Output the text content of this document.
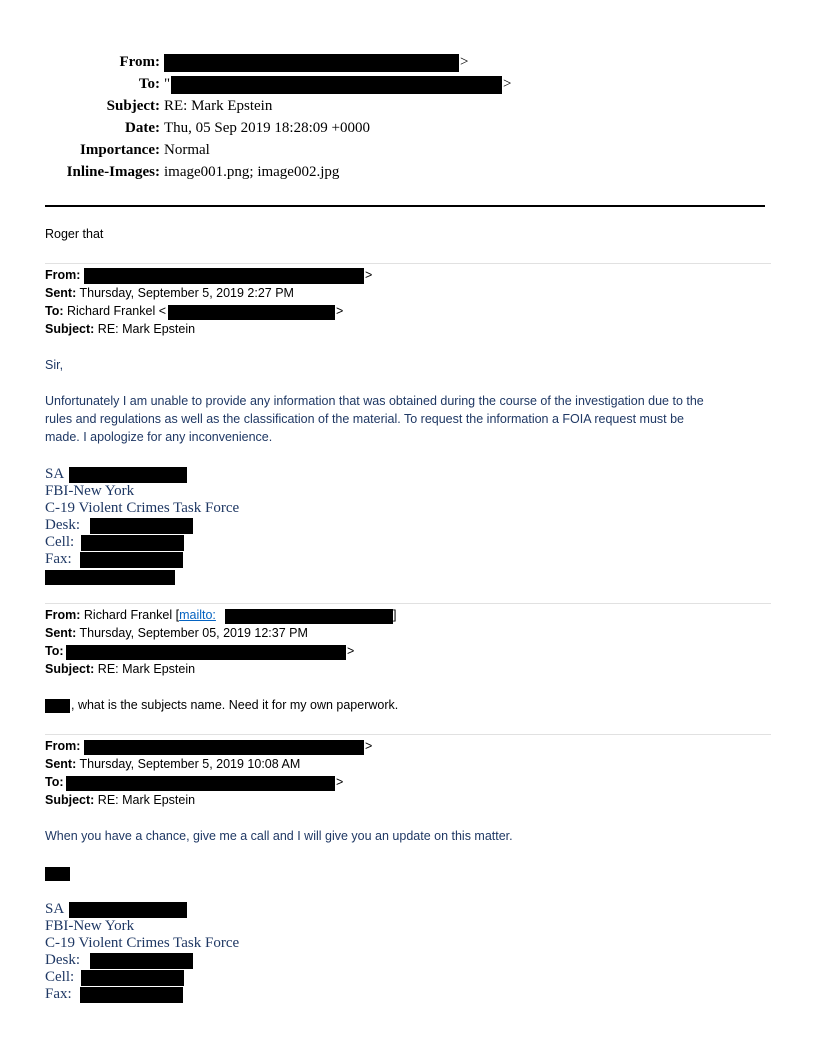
From:	>
To: "	>
Subject: RE: Mark Epstein
Date: Thu, 05 Sep 2019 18:28:09 +0000
Importance: Normal
Inline-Images: image001.png; image002.jpg
Roger that
From:	>
Sent: Thursday, September 5, 2019 2:27 PM
To: Richard Frankel <	>
Subject: RE: Mark Epstein
Sir,
Unfortunately I am unable to provide any information that was obtained during the course of the investigation due to the
rules and regulations as well as the classification of the material. To request the information a FOIA request must be
made. I apologize for any inconvenience.
SA
FBI-New York
C-19 Violent Crimes Task Force
Desk:
Cell:
Fax:
From: Richard Frankel [mailto:	]
Sent: Thursday, September 05, 2019 12:37 PM
To:	>
Subject: RE: Mark Epstein
, what is the subjects name. Need it for my own paperwork.
From:	>
Sent: Thursday, September 5, 2019 10:08 AM
To:	>
Subject: RE: Mark Epstein
When you have a chance, give me a call and I will give you an update on this matter.
SA
FBI-New York
C-19 Violent Crimes Task Force
Desk:
Cell:
Fax:
